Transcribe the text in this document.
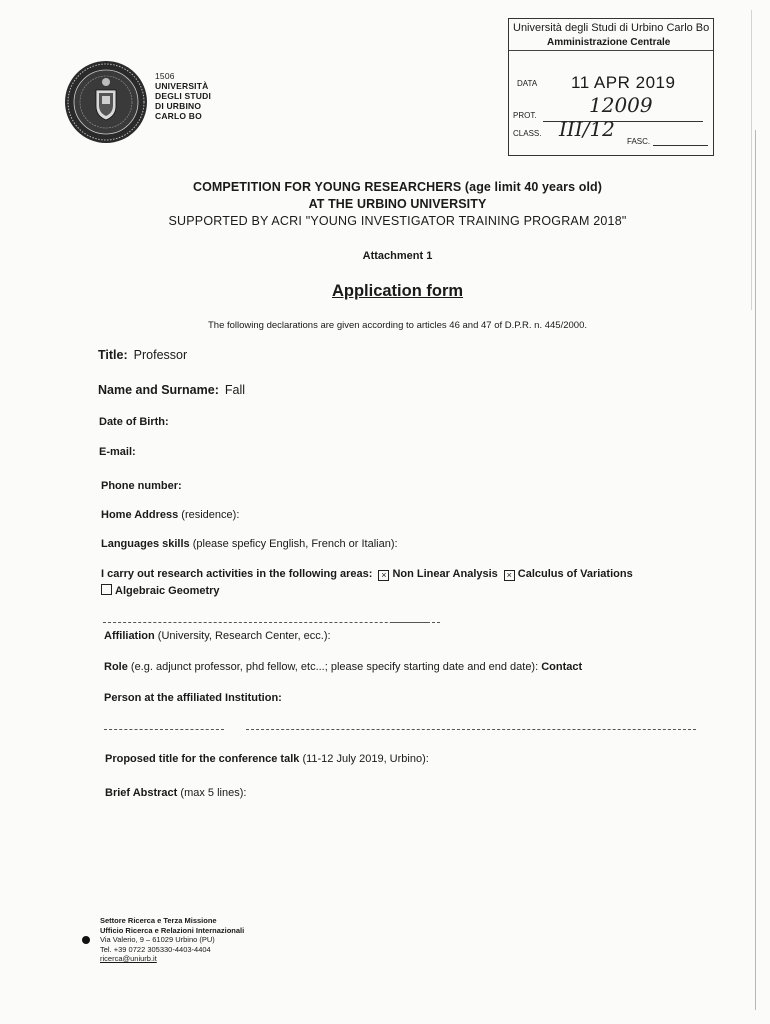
1506
UNIVERSITÀ
DEGLI STUDI
DI URBINO
CARLO BO
Università degli Studi di Urbino Carlo Bo
Amministrazione Centrale
DATA 11 APR 2019
PROT.	12009
CLASS. III/12
FASC.
COMPETITION FOR YOUNG RESEARCHERS (age limit 40 years old)
AT THE URBINO UNIVERSITY
SUPPORTED BY ACRI "YOUNG INVESTIGATOR TRAINING PROGRAM 2018"
Attachment 1
Application form
The following declarations are given according to articles 46 and 47 of D.P.R. n. 445/2000.
Title: Professor
Name and Surname: Fall
Date of Birth:
E-mail:
Phone number:
Home Address (residence):
Languages skills (please speficy English, French or Italian):
I carry out research activities in the following areas: × Non Linear Analysis × Calculus of Variations
Algebraic Geometry
Affiliation (University, Research Center, ecc.):
Role (e.g. adjunct professor, phd fellow, etc...; please specify starting date and end date): Contact
Person at the affiliated Institution:
Proposed title for the conference talk (11-12 July 2019, Urbino):
Brief Abstract (max 5 lines):
Settore Ricerca e Terza Missione
Ufficio Ricerca e Relazioni Internazionali
Via Valerio, 9 – 61029 Urbino (PU)
Tel. +39 0722 305330-4403-4404
ricerca@uniurb.it
